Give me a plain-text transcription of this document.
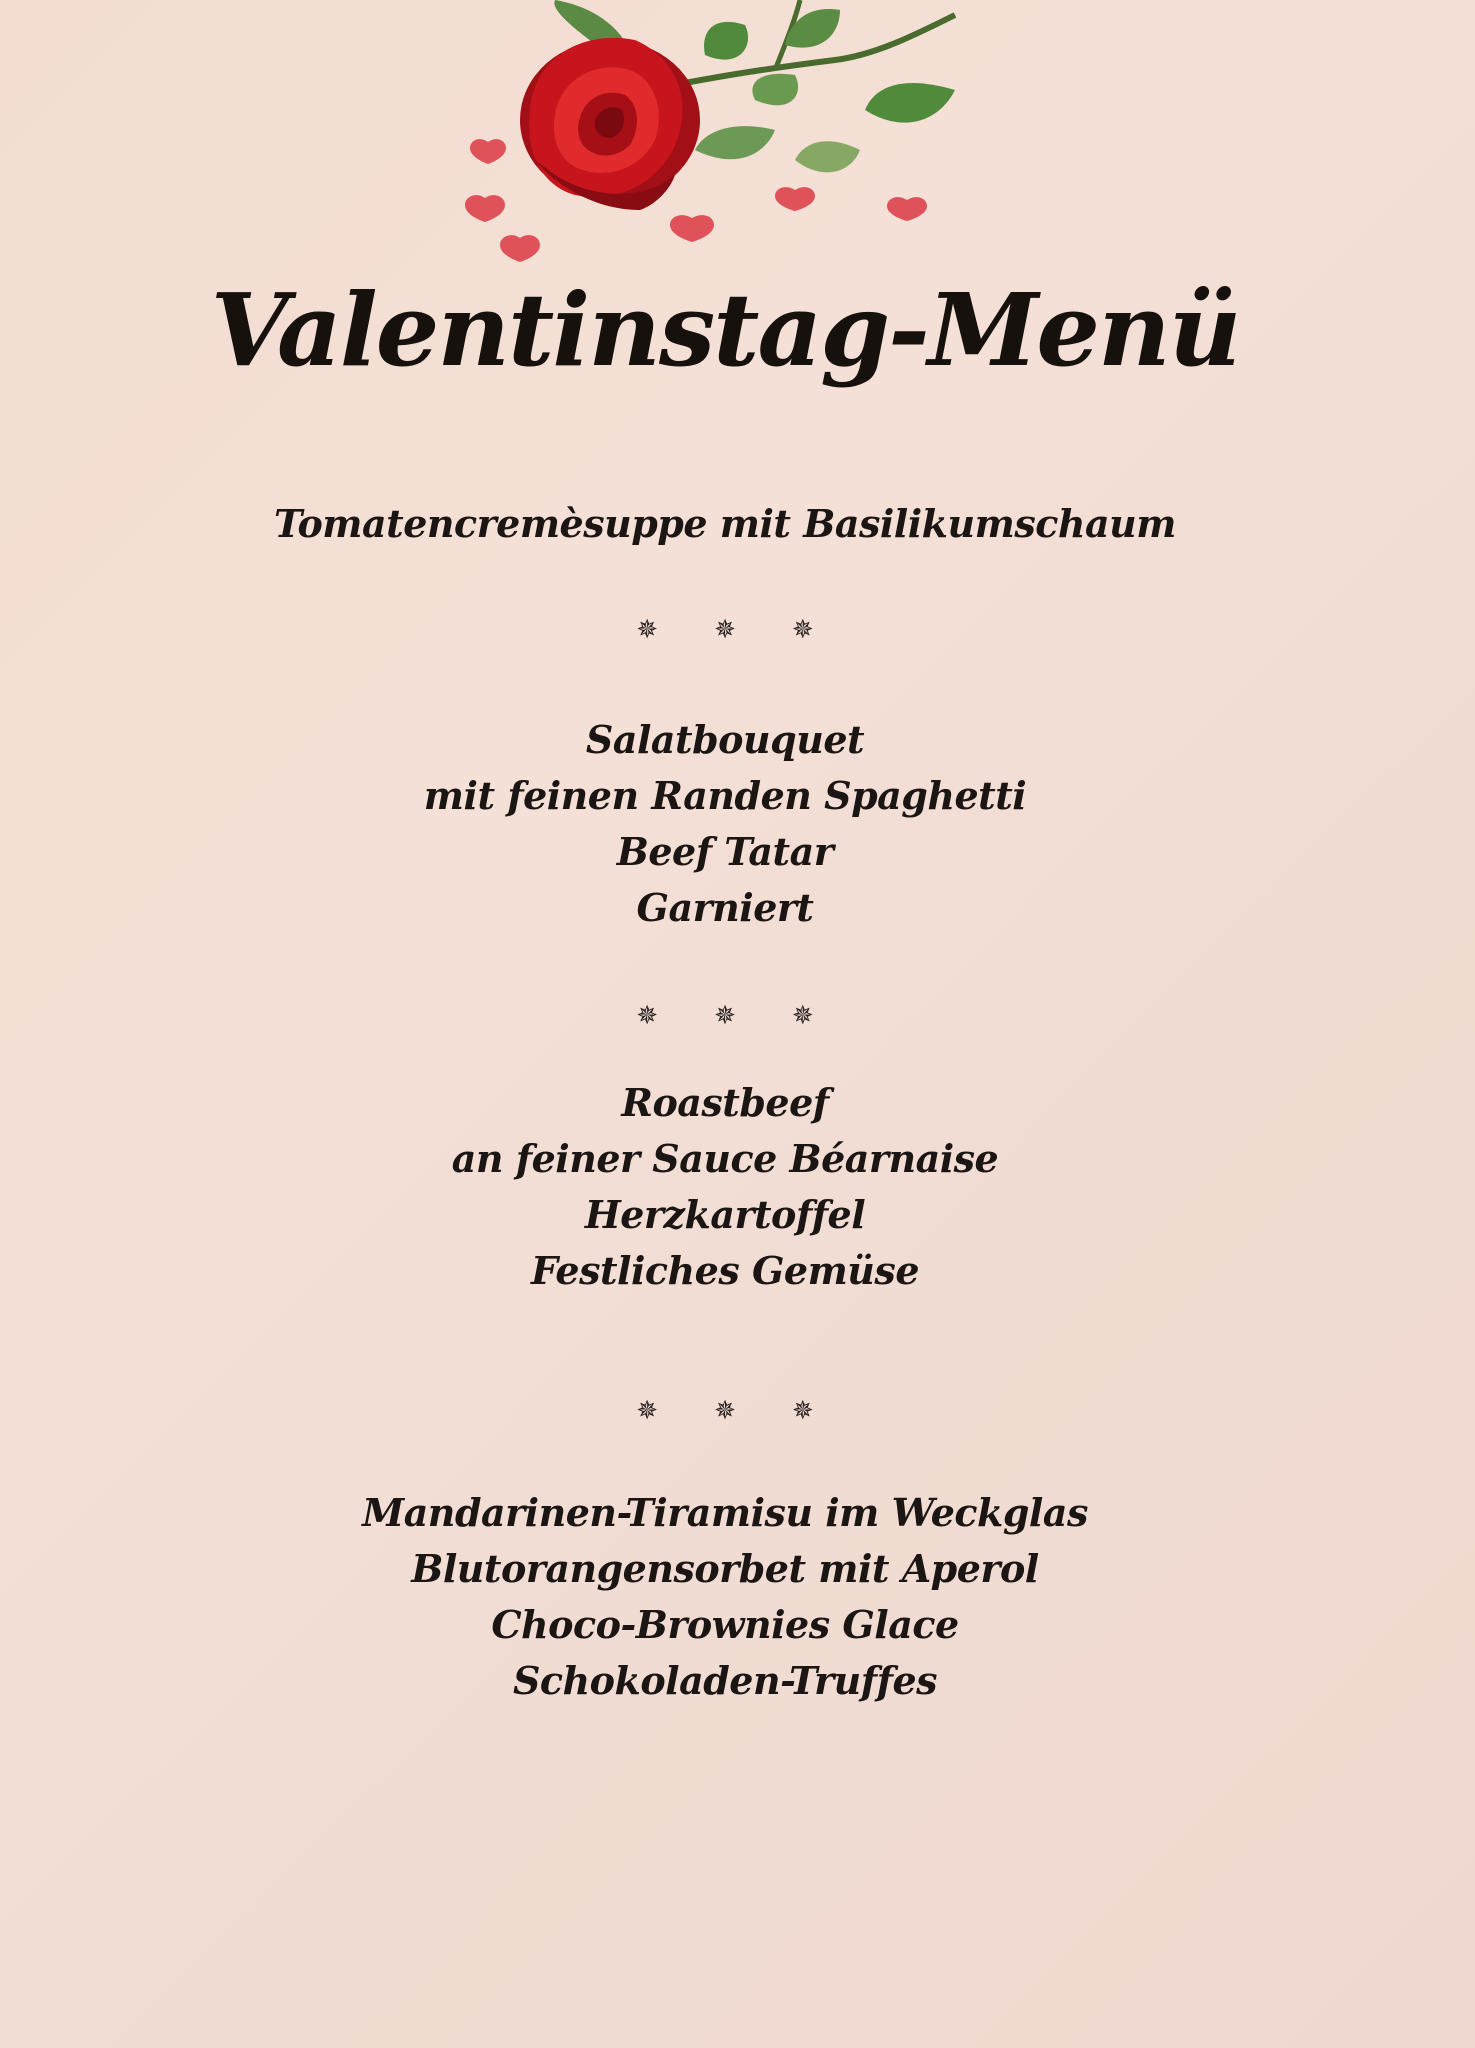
Valentinstag-Menü
Tomatencremèsuppe mit Basilikumschaum
✵ ✵ ✵
Salatbouquet
mit feinen Randen Spaghetti
Beef Tatar
Garniert
✵ ✵ ✵
Roastbeef
an feiner Sauce Béarnaise
Herzkartoffel
Festliches Gemüse
✵ ✵ ✵
Mandarinen-Tiramisu im Weckglas
Blutorangensorbet mit Aperol
Choco-Brownies Glace
Schokoladen-Truffes
